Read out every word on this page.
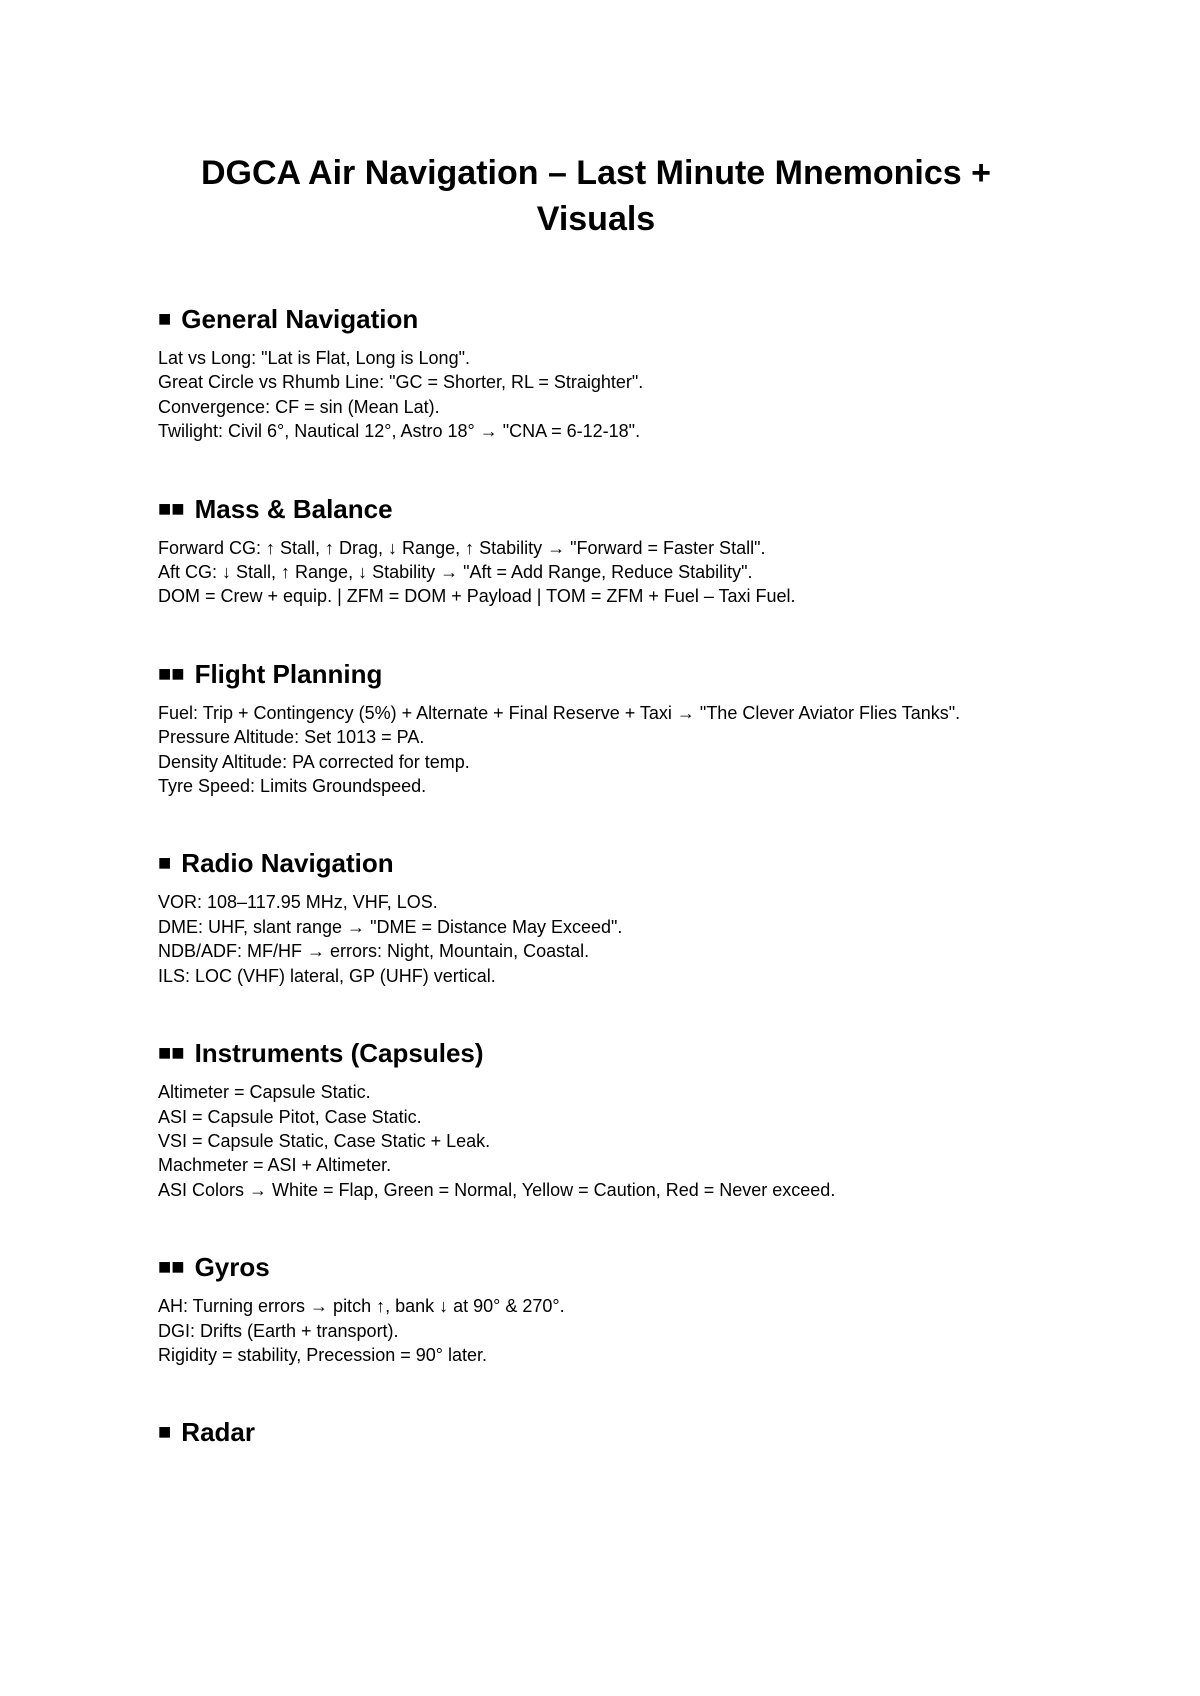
DGCA Air Navigation – Last Minute Mnemonics + Visuals
■ General Navigation
Lat vs Long: "Lat is Flat, Long is Long".
Great Circle vs Rhumb Line: "GC = Shorter, RL = Straighter".
Convergence: CF = sin (Mean Lat).
Twilight: Civil 6°, Nautical 12°, Astro 18° → "CNA = 6-12-18".
■■ Mass & Balance
Forward CG: ↑ Stall, ↑ Drag, ↓ Range, ↑ Stability → "Forward = Faster Stall".
Aft CG: ↓ Stall, ↑ Range, ↓ Stability → "Aft = Add Range, Reduce Stability".
DOM = Crew + equip. | ZFM = DOM + Payload | TOM = ZFM + Fuel – Taxi Fuel.
■■ Flight Planning
Fuel: Trip + Contingency (5%) + Alternate + Final Reserve + Taxi → "The Clever Aviator Flies Tanks".
Pressure Altitude: Set 1013 = PA.
Density Altitude: PA corrected for temp.
Tyre Speed: Limits Groundspeed.
■ Radio Navigation
VOR: 108–117.95 MHz, VHF, LOS.
DME: UHF, slant range → "DME = Distance May Exceed".
NDB/ADF: MF/HF → errors: Night, Mountain, Coastal.
ILS: LOC (VHF) lateral, GP (UHF) vertical.
■■ Instruments (Capsules)
Altimeter = Capsule Static.
ASI = Capsule Pitot, Case Static.
VSI = Capsule Static, Case Static + Leak.
Machmeter = ASI + Altimeter.
ASI Colors → White = Flap, Green = Normal, Yellow = Caution, Red = Never exceed.
■■ Gyros
AH: Turning errors → pitch ↑, bank ↓ at 90° & 270°.
DGI: Drifts (Earth + transport).
Rigidity = stability, Precession = 90° later.
■ Radar
